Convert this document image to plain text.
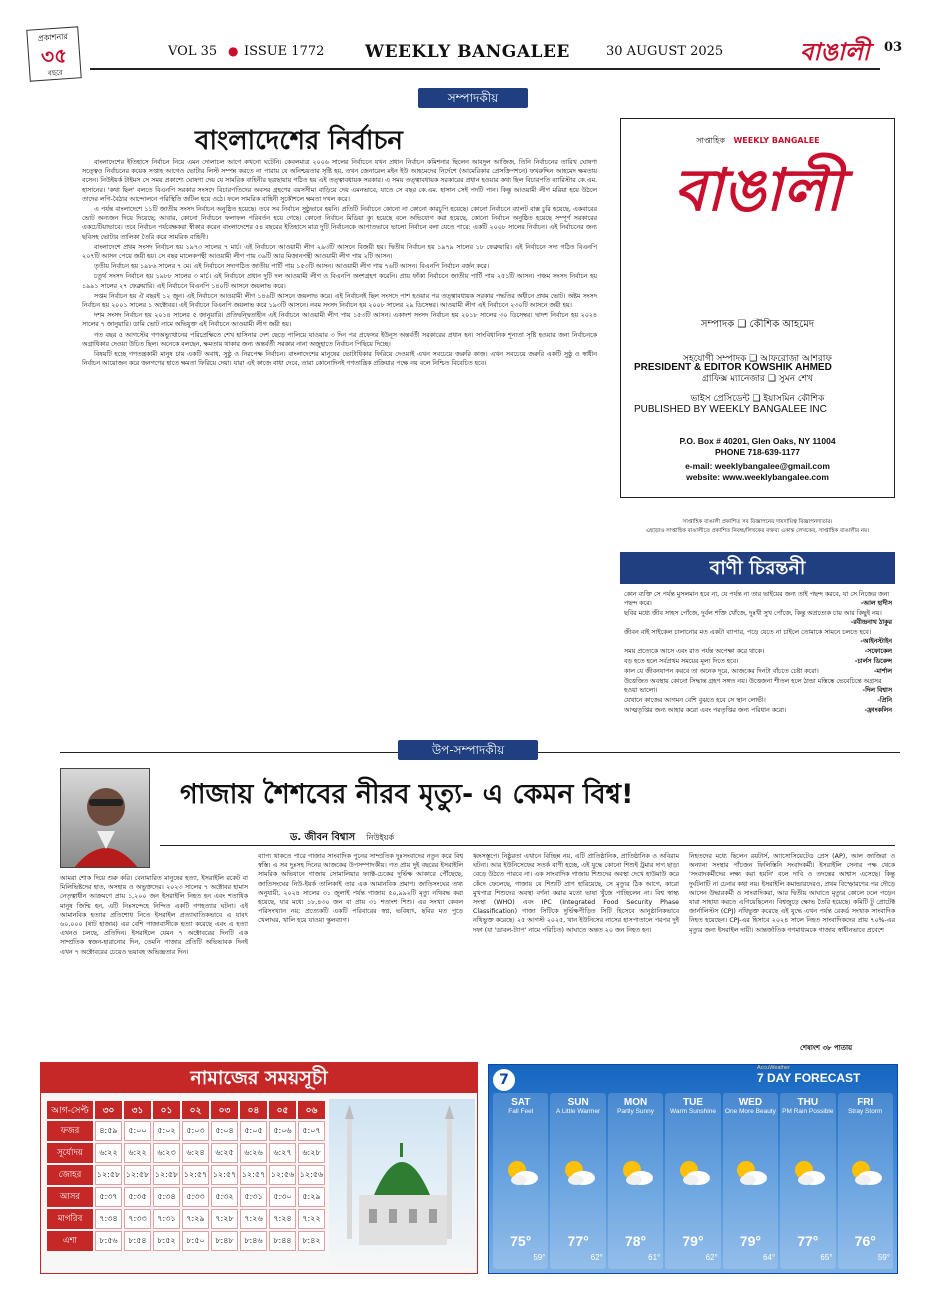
প্রকাশনার
৩৫
বছরে
VOL 35 ● ISSUE 1772 WEEKLY BANGALEE	30 AUGUST 2025	বাঙালী 03
সম্পাদকীয়
বাংলাদেশের নির্বাচন

বাংলাদেশের ইতিহাসে নির্বাচন নিয়ে এমন দোলাচল আগে কখনো ঘটেনি। কেবলমাত্র ২০০৬ সালের নির্বাচনে যখন প্রধান নির্বাচন কমিশনার ছিলেন আবদুল আজিজ, তিনি নির্বাচনের তারিখ ঘোষণা সত্ত্বেও নির্বাচনের কয়েক সপ্তাহ আগেও ভোটার লিস্ট সম্পন্ন করতে না পারায় যে অনিশ্চয়তার সৃষ্টি হয়, তখন জেনারেল মইন ইউ আহমেদের নির্দেশে (আমেরিকার প্রেসক্রিপশনে) ফখরুদ্দিন আহমেদ ক্ষমতায় বসেন। নিউইয়র্ক টাইমস সে সময় প্রকাশ্যে ঘোষণা দেয় যে সামরিক বাহিনীর ছত্রছায়ায় গঠিত হয় এই তত্ত্বাবধায়ক সরকার। এ সময় তত্ত্বাবধায়ক সরকারের প্রধান হওয়ার কথা ছিল বিচারপতি ব্যারিস্টার কে.এম. হাসানের। 'কথা ছিল' বলতে বিএনপি সরকার সংসদে বিচারপতিদের অবসর গ্রহণের বয়সসীমা বাড়িয়ে দেয় এমনভাবে, যাতে সে বছর কে.এম. হাসান সেই পদটি পান। কিন্তু আওয়ামী লীগ মরিয়া হয়ে উঠলে তাদের লগি-বৈঠার আন্দোলনে পরিস্থিতি জটিল হয়ে ওঠে। ফলে সামরিক বাহিনী সুকৌশলে ক্ষমতা দখল করে।

এ পর্যন্ত বাংলাদেশে ১১টি জাতীয় সংসদ নির্বাচন অনুষ্ঠিত হয়েছে। তবে সব নির্বাচন সুষ্ঠুভাবে হয়নি। প্রতিটি নির্বাচনে কোনো না কোনো কারচুপি হয়েছে। কোনো নির্বাচনে ব্যালট বাক্স চুরি হয়েছে, একবারের ভোট অন্যজন দিয়ে দিয়েছে; আবার, কোনো নির্বাচনে ফলাফল পরিবর্তন হয়ে গেছে। কোনো নির্বাচন মিডিয়া ক্যু হয়েছে বলে অভিযোগ করা হয়েছে, কোনো নির্বাচন অনুষ্ঠিত হয়েছে সম্পূর্ণ সরকারের একচেটিয়াভাবে। তবে নির্বাচন পর্যবেক্ষকরা স্বীকার করেন বাংলাদেশের ৫৪ বছরের ইতিহাসে মাত্র দুটি নির্বাচনকে আপাতভাবে ভালো নির্বাচন বলা যেতে পারে: একটি ২০০৮ সালের নির্বাচন। এই নির্বাচনের জন্য ছবিসহ ভোটার তালিকা তৈরি করে সামরিক বাহিনী।

বাংলাদেশে প্রথম সংসদ নির্বাচন হয় ১৯৭৩ সালের ৭ মার্চ। এই নির্বাচনে আওয়ামী লীগ ২৯৩টি আসনে বিজয়ী হয়। দ্বিতীয় নির্বাচন হয় ১৯৭৯ সালের ১৮ ফেব্রুয়ারি। এই নির্বাচনে সদ্য গঠিত বিএনপি ২০৭টি আসন পেয়ে জয়ী হয়। সে বছর মালেকপন্থী আওয়ামী লীগ পায় ৩৯টি আর মিজানপন্থী আওয়ামী লীগ পায় ২টি আসন।

তৃতীয় নির্বাচন হয় ১৯৮৬ সালের ৭ মে। এই নির্বাচনে সদ্যগঠিত জাতীয় পার্টি পায় ১৫৩টি আসন। আওয়ামী লীগ পায় ৭৬টি আসন। বিএনপি নির্বাচন বর্জন করে।

চতুর্থ সংসদ নির্বাচন হয় ১৯৮৮ সালের ৩ মার্চ। এই নির্বাচনে প্রধান দুটি দল আওয়ামী লীগ ও বিএনপি অংশগ্রহণ করেনি। প্রায় ফাঁকা নির্বাচনে জাতীয় পার্টি পায় ২৫১টি আসন। পঞ্চম সংসদ নির্বাচন হয় ১৯৯১ সালের ২৭ ফেব্রুয়ারি। এই নির্বাচনে বিএনপি ১৪০টি আসনে জয়লাভ করে।

সপ্তম নির্বাচন হয় ঐ বছরই ১২ জুন। এই নির্বাচনে আওয়ামী লীগ ১৪৬টি আসনে জয়লাভ করে। এই নির্বাচনই ছিল সংসদে পাশ হওয়ার পর তত্ত্বাবধায়ক সরকার পদ্ধতির অধীনে প্রথম ভোট। অষ্টম সংসদ নির্বাচন হয় ২০০১ সালের ১ অক্টোবর। এই নির্বাচনে বিএনপি জয়লাভ করে ১৯৩টি আসনে। নবম সংসদ নির্বাচন হয় ২০০৮ সালের ২৯ ডিসেম্বর। আওয়ামী লীগ এই নির্বাচনে ২৩০টি আসনে জয়ী হয়।

দশম সংসদ নির্বাচন হয় ২০১৪ সালের ৫ জানুয়ারি। প্রতিদ্বন্দ্বিতাহীন এই নির্বাচনে আওয়ামী লীগ পায় ১৫৩টি আসন। একাদশ সংসদ নির্বাচন হয় ২০১৮ সালের ৩০ ডিসেম্বর। দ্বাদশ নির্বাচন হয় ২০২৪ সালের ৭ জানুয়ারি। ডামি ভোট নামে অভিযুক্ত এই নির্বাচনে আওয়ামী লীগ জয়ী হয়।

গত বছর ৫ আগস্টের গণঅভ্যুত্থানের পরিপ্রেক্ষিতে শেখ হাসিনার দেশ ছেড়ে পালিয়ে যাওয়ার ৩ দিন পর প্রফেসর ইউনূস অন্তর্বর্তী সরকারের প্রধান হন। সাংবিধানিক শূন্যতা সৃষ্টি হওয়ার জন্য নির্বাচনকে অগ্রাধিকার দেওয়া উচিত ছিল। অনেকে বলছেন, ক্ষমতায় থাকার জন্য অন্তর্বর্তী সরকার নানা অজুহাতে নির্বাচন পিছিয়ে দিচ্ছে।

বিষয়টি হচ্ছে গণতন্ত্রকামী মানুষ চায় একটি অবাধ, সুষ্ঠু ও নিরপেক্ষ নির্বাচন। বাংলাদেশের মানুষের ভোটাধিকার ফিরিয়ে দেওয়াই এখন সবচেয়ে জরুরি কাজ। এখন সবচেয়ে জরুরি একটি সুষ্ঠু ও স্বাধীন নির্বাচন আয়োজন করে জনগণের হাতে ক্ষমতা ফিরিয়ে দেয়া। যারা এই কাজে বাধা দেবে, তারা কোনোদিনই গণতান্ত্রিক প্রক্রিয়ার পক্ষে নয় বলে নিশ্চিত বিবেচিত হবে।

সাপ্তাহিক WEEKLY BANGALEE
বাঙালী
সম্পাদক ❑ কৌশিক আহমেদ
সহযোগী সম্পাদক ❑ আফরোজা আশরাফ
গ্রাফিক্স ম্যানেজার ❑ সুমন শেখ
ভাইস প্রেসিডেন্ট ❑ ইয়াসমিন কৌশিক
PRESIDENT & EDITOR KOWSHIK AHMED
PUBLISHED BY WEEKLY BANGALEE INC
P.O. Box # 40201, Glen Oaks, NY 11004
PHONE 718-639-1177
e-mail: weeklybangalee@gmail.com
website: www.weeklybangalee.com
সাপ্তাহিক বাঙালী প্রকাশিত সব বিজ্ঞাপনের দায়দায়িত্ব বিজ্ঞাপনদাতার।
এছাড়াও সাপ্তাহিক বাঙালীতে প্রকাশিত নিবন্ধ/লিখকের বক্তব্য একান্ত লেখকের, সাপ্তাহিক বাঙালীর নয়।
বাণী চিরন্তনী
কোন ব্যক্তি সে পর্যন্ত মুসলমান হবে না, যে পর্যন্ত না তার ভাইয়ের জন্য তাই পছন্দ করবে, যা সে নিজের জন্য পছন্দ করে।	-আল হাদীস
ছবির মধ্যে জীব সাহস পোঁজে, দুর্বল শক্তি খোঁজে, দুঃখী সুখ পোঁজে, কিন্তু অপ্রত্যেক চায় আর কিছুই নয়।
-রবীন্দ্রনাথ ঠাকুর
জীবন বাই সাইকেল চালানোর মত একটা ব্যাপার, পড়ে যেতে না চাইলে তোমাকে সামনে চলতে হবে।
-আইনস্টাইন
সময় প্রত্যেকে আসে এবং রাত পর্যন্ত অপেক্ষা করে থাকে।	-সফোকেল
বড় হতে হলে সর্বপ্রথম সময়ের মূল্য দিতে হবে।	-চার্লস ডিকেন্স
কাল যে জীবনযাপন করবে তা অনেক দূরে, আজকের দিনটা বাঁচতে চেষ্টা করো।	-মার্শাল
উত্তেজিত অবস্থায় কোনো সিদ্ধান্ত গ্রহণ সঙ্গত নয়। উত্তেজনা শীতল হলে ঠান্ডা মস্তিষ্কে ভেবেচিন্তে অগ্রসর হওয়া ভালো।	-দিল বিশ্বাস
যেখানে কাজের আগমন বেশি বুঝতে হবে সে স্থান লোভী।	-প্রিনি
আত্মতৃপ্তির জন্য আহার করো এবং পরতৃপ্তির জন্য পরিধান করো।	-ফ্রাংকলিন
উপ-সম্পাদকীয়
গাজায় শৈশবের নীরব মৃত্যু- এ কেমন বিশ্ব!
ড. জীবন বিশ্বাস নিউইয়র্ক
আমরা শোক দিয়ে শুরু করি। বেনামারিত মানুষের হত্যা, ইসরাইলি রকেট বা মিলিভিষ্টদের হাত, অসহায় ও অভুক্তদের। ২০২৩ সালের ৭ অক্টোবর হামাস নেতৃত্বাধীন আক্রমণে প্রায় ১,২০০ জন ইসরাইলি নিহত হন এবং শতাধিক মানুষ জিম্মি হন, এটি নিঃসন্দেহে নিন্দিত একটি গণহত্যার ঘটনা। এই আমানবিক হত্যার প্রতিশোধ নিতে ইসরাইল প্রত্যাঘাতিকভাবে এ যাবৎ ৬০,০০০ (ষাট হাজার) এর বেশি গাজাবাসীকে হত্যা করেছে এবং এ হত্যা এখনও চলছে, প্রতিদিন। ইসরাইলে যেমন ৭ অক্টোবরের দিনটি এক সাম্প্রতিক স্বজন-হারানোর দিন, তেমনি গাজার প্রতিটি অভিভাবক দিনই এখন ৭ অক্টোবরের চেয়েও ভয়াবহ অভিজ্ঞতার দিন।
ব্যাপ্য থাকতে পারে গাজার সাংবাদিক পুনের সাম্প্রতিক দুঃসংবাদের নতুন করে বিশ্ব স্বস্তি। এ সব দুঃসহ দিনের আজকের উপসম্পাদকীয়। গত প্রায় দুই বছরের ইসরাইলি সামরিক অভিযানে গাজায় সোমালিয়ার ফ্যাক্ট-চেকের দুর্ভিক্ষ আকারে পৌঁছেছে, জাতিসংঘের নিউ-ইয়র্ক তালিকাই তার এক আমানবিক প্রমাণ। জাতিসংঘের তথ্য অনুযায়ী, ২০২৪ সালের ৩১ জুলাই পর্যন্ত গাজায় ৫০,৯৯২টি মৃত্যু নথিবদ্ধ করা হয়েছে, যার মধ্যে ১৮,৪৩০ জন বা প্রায় ৩১ শতাংশ শিশু। এর সংখ্যা কেবল পরিসংখ্যান নয়; প্রত্যেকটি একটি পরিবারের স্বপ্ন, ভবিষ্যৎ, ছবির মত পুড়ে খেলাঘর, খালি হয়ে যাওয়া স্কুলব্যাগ।
ধ্বংসস্তূপে। নিষ্ঠুরতা এখানে বিচ্ছিন্ন নয়, এটি প্রাতিষ্ঠানিক, প্রাতিষ্ঠানিক ও অবিরাম ঘটনা। আর ইউনিসেফের সতর্ক বাণী হচ্ছে, এই যুদ্ধে কোনো শিশুই ট্রমার দাগ ছাড়া বেড়ে উঠতে পারবে না। এক সাংবাদিক গাজায় শিশুদের অবস্থা দেখে হাউমাউ করে কেঁদে ফেলেছে, গাজায় যে শিশুটি প্রাণ হারিয়েছে, সে মৃত্যুর ঠিক আগে, কারো মুখপাত্র শিশুদের অবস্থা বর্ণনা করার মতো ভাষা খুঁজে পাচ্ছিলেন না। বিশ্ব স্বাস্থ্য সংস্থা (WHO) এবং IPC (Integrated Food Security Phase Classification) গাজা সিটিকে দুর্ভিক্ষপীড়িত সিটি হিসেবে আনুষ্ঠানিকভাবে নথিভুক্ত করেছে। ২৫ আগস্ট ২০২৫, খান ইউনিসের নাসের হাসপাতালে পরপর দুই দফা (যা 'ডাবল-ট্যাপ' নামে পরিচিত) আঘাতে অন্তত ২০ জন নিহত হন।
নিহতদের মধ্যে ছিলেন রয়টার্স, অ্যাসোসিয়েটেড প্রেস (AP), আল জাজিরা ও অন্যান্য সংস্থার পাঁচজন ফিলিস্তিনি সংবাদকর্মী। ইসরাইলি সেনার পক্ষ থেকে 'সংবাদকর্মীদের লক্ষ্য করা হয়নি' বলে দাবি ও তদন্তের আশ্বাস এসেছে। কিন্তু দুর্ঘটনাটি না চেনার কথা নয়। ইসরাইলি কমান্ডারদেরও, প্রথম বিস্ফোরণের পর দৌড়ে আসেন উদ্ধারকর্মী ও সাংবাদিকরা, আর দ্বিতীয় আঘাতে মৃত্যুর কোলে ঢলে পড়েন যারা সাহায্য করতে এগিয়েছিলেন। বিশ্বজুড়ে ক্ষোভ তৈরি হয়েছে। কমিটি টু প্রোটেক্ট জার্নালিস্টস (CPJ) নথিভুক্ত করেছে এই যুদ্ধে এখন পর্যন্ত রেকর্ড সংখ্যক সাংবাদিক নিহত হয়েছেন। CPJ-এর হিসাবে ২০২৪ সালে নিহত সাংবাদিকদের প্রায় ৭০%-এর মৃত্যুর জন্য ইসরাইল দায়ী। আন্তর্জাতিক গণমাধ্যমকে গাজায় স্বাধীনভাবে প্রবেশে
শেষাংশ ৩৮ পাতায়
নামাজের সময়সূচী
আগ-সেপ্ট	৩০	৩১	০১	০২	০৩	০৪	০৫	০৬
ফজর	৪:৫৯	৫:০০	৫:০২	৫:০৩	৫:০৪	৫:০৫	৫:০৬	৫:০৭
সূর্যোদয়	৬:২২	৬:২২	৬:২৩	৬:২৪	৬:২৫	৬:২৬	৬:২৭	৬:২৮
জোহর	১২:৫৮	১২:৫৮	১২:৫৮	১২:৫৭	১২:৫৭	১২:৫৭	১২:৫৬	১২:৫৬
আসর	৫:৩৭	৫:৩৫	৫:৩৪	৫:৩৩	৫:৩২	৫:৩১	৫:৩০	৫:২৯
মাগরিব	৭:৩৪	৭:৩৩	৭:৩১	৭:২৯	৭:২৮	৭:২৬	৭:২৪	৭:২২
এশা	৮:৫৬	৮:৫৪	৮:৫২	৮:৫০	৮:৪৮	৮:৪৬	৮:৪৪	৮:৪২
7	7 DAY FORECAST
AccuWeather
SAT
Fall Feel
75°
59°
SUN
A Little Warmer
77°
62°
MON
Partly Sunny
78°
61°
TUE
Warm Sunshine
79°
62°
WED
One More Beauty
79°
64°
THU
PM Rain Possible
77°
65°
FRI
Stray Storm
76°
59°
